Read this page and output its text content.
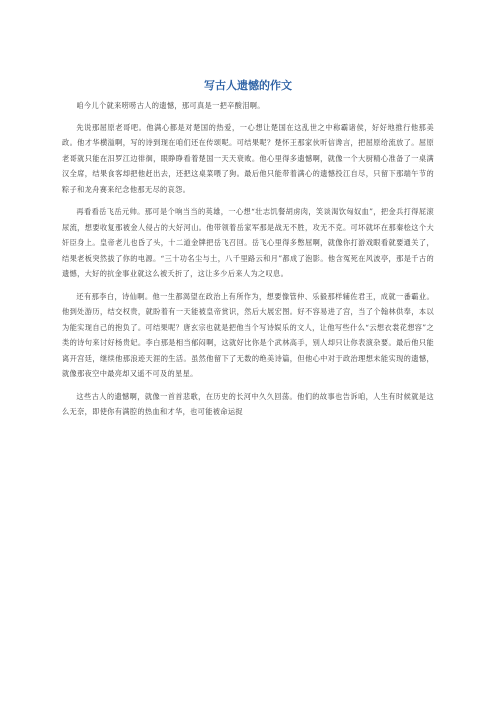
写古人遗憾的作文

咱今儿个就来唠唠古人的遗憾，那可真是一把辛酸泪啊。

先说那屈原老哥吧。他满心都是对楚国的热爱，一心想让楚国在这乱世之中称霸诸侯，好好地推行他那美政。他才华横溢啊，写的诗到现在咱们还在传颂呢。可结果呢？楚怀王那家伙听信谗言，把屈原给流放了。屈原老哥就只能在汨罗江边徘徊，眼睁睁看着楚国一天天衰败。他心里得多遗憾啊，就像一个大厨精心准备了一桌满汉全席，结果食客却把他赶出去，还把这桌菜喂了狗。最后他只能带着满心的遗憾投江自尽，只留下那端午节的粽子和龙舟赛来纪念他那无尽的哀怨。

再看看岳飞岳元帅。那可是个响当当的英雄，一心想“壮志饥餐胡虏肉，笑谈渴饮匈奴血”，把金兵打得屁滚尿流，想要收复那被金人侵占的大好河山。他带领着岳家军那是战无不胜，攻无不克。可坏就坏在那秦桧这个大奸臣身上。皇帝老儿也昏了头，十二道金牌把岳飞召回。岳飞心里得多憋屈啊，就像你打游戏眼看就要通关了，结果老板突然拔了你的电源。“三十功名尘与土，八千里路云和月”都成了泡影。他含冤死在风波亭，那是千古的遗憾，大好的抗金事业就这么被夭折了，这让多少后来人为之叹息。

还有那李白，诗仙啊。他一生都渴望在政治上有所作为，想要像管仲、乐毅那样辅佐君王，成就一番霸业。他到处游历，结交权贵，就盼着有一天能被皇帝赏识，然后大展宏图。好不容易进了宫，当了个翰林供奉，本以为能实现自己的抱负了。可结果呢？唐玄宗也就是把他当个写诗娱乐的文人，让他写些什么“云想衣裳花想容”之类的诗句来讨好杨贵妃。李白那是相当郁闷啊，这就好比你是个武林高手，别人却只让你表演杂要。最后他只能离开宫廷，继续他那浪迹天涯的生活。虽然他留下了无数的绝美诗篇，但他心中对于政治理想未能实现的遗憾，就像那夜空中最亮却又遥不可及的星星。

这些古人的遗憾啊，就像一首首悲歌，在历史的长河中久久回荡。他们的故事也告诉咱，人生有时候就是这么无奈，即使你有满腔的热血和才华，也可能被命运捉
